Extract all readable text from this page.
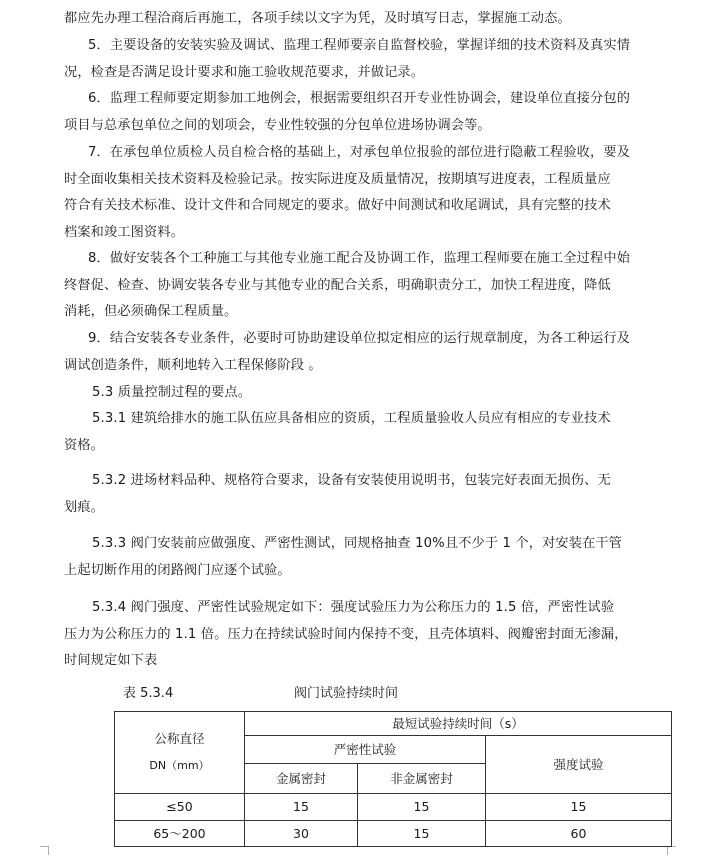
都应先办理工程洽商后再施工，各项手续以文字为凭，及时填写日志，掌握施工动态。

5．主要设备的安装实验及调试、监理工程师要亲自监督校验，掌握详细的技术资料及真实情
况，检查是否满足设计要求和施工验收规范要求，并做记录。

6．监理工程师要定期参加工地例会，根据需要组织召开专业性协调会，建设单位直接分包的
项目与总承包单位之间的划项会，专业性较强的分包单位进场协调会等。

7．在承包单位质检人员自检合格的基础上，对承包单位报验的部位进行隐蔽工程验收，要及
时全面收集相关技术资料及检验记录。按实际进度及质量情况，按期填写进度表，工程质量应
符合有关技术标准、设计文件和合同规定的要求。做好中间测试和收尾调试，具有完整的技术
档案和竣工图资料。

8．做好安装各个工种施工与其他专业施工配合及协调工作，监理工程师要在施工全过程中始
终督促、检查、协调安装各专业与其他专业的配合关系，明确职责分工，加快工程进度，降低
消耗，但必须确保工程质量。

9．结合安装各专业条件，必要时可协助建设单位拟定相应的运行规章制度，为各工种运行及
调试创造条件，顺利地转入工程保修阶段 。

5.3 质量控制过程的要点。

5.3.1 建筑给排水的施工队伍应具备相应的资质，工程质量验收人员应有相应的专业技术
资格。

5.3.2 进场材料品种、规格符合要求，设备有安装使用说明书，包装完好表面无损伤、无
划痕。

5.3.3 阀门安装前应做强度、严密性测试，同规格抽查 10%且不少于 1 个，对安装在干管
上起切断作用的闭路阀门应逐个试验。

5.3.4 阀门强度、严密性试验规定如下：强度试验压力为公称压力的 1.5 倍，严密性试验
压力为公称压力的 1.1 倍。压力在持续试验时间内保持不变，且壳体填料、阀瓣密封面无渗漏，
时间规定如下表

表 5.3.4	阀门试验持续时间
公称直径
DN（mm）	最短试验持续时间（s）		
	严密性试验		强度试验
	金属密封	非金属密封	
≤50	15	15	15
65～200	30	15	60
